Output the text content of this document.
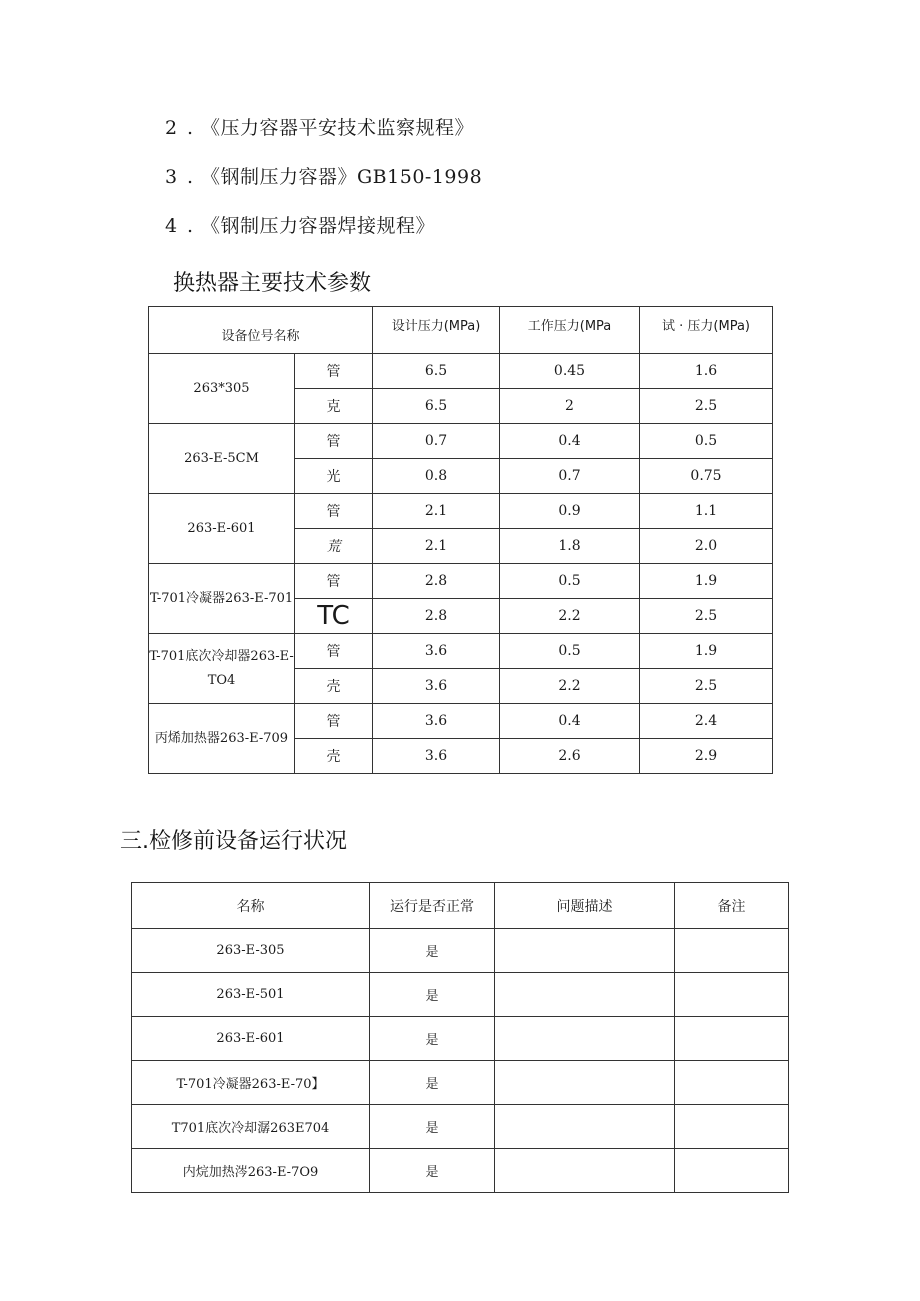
2 . 《压力容器平安技术监察规程》
3 . 《钢制压力容器》GB150-1998
4 . 《钢制压力容器焊接规程》
换热器主要技术参数
设备位号名称		设计压力(MPa)	工作压力(MPa	试 · 压力(MPa)
263*305	管	6.5	0.45	1.6
	克	6.5	2	2.5
263-E-5CM	管	0.7	0.4	0.5
	光	0.8	0.7	0.75
263-E-601	管	2.1	0.9	1.1
	荒	2.1	1.8	2.0
T-701冷凝器263-E-701	管	2.8	0.5	1.9
	TC	2.8	2.2	2.5
T-701底次冷却器263-E-TO4	管	3.6	0.5	1.9
	壳	3.6	2.2	2.5
丙烯加热器263-E-709	管	3.6	0.4	2.4
	壳	3.6	2.6	2.9
三.检修前设备运行状况
名称	运行是否正常	问题描述	备注
263-E-305	是		
263-E-501	是		
263-E-601	是		
T-701冷凝器263-E-70】	是		
T701底次冷却潺263E704	是		
内烷加热涔263-E-7O9	是		
